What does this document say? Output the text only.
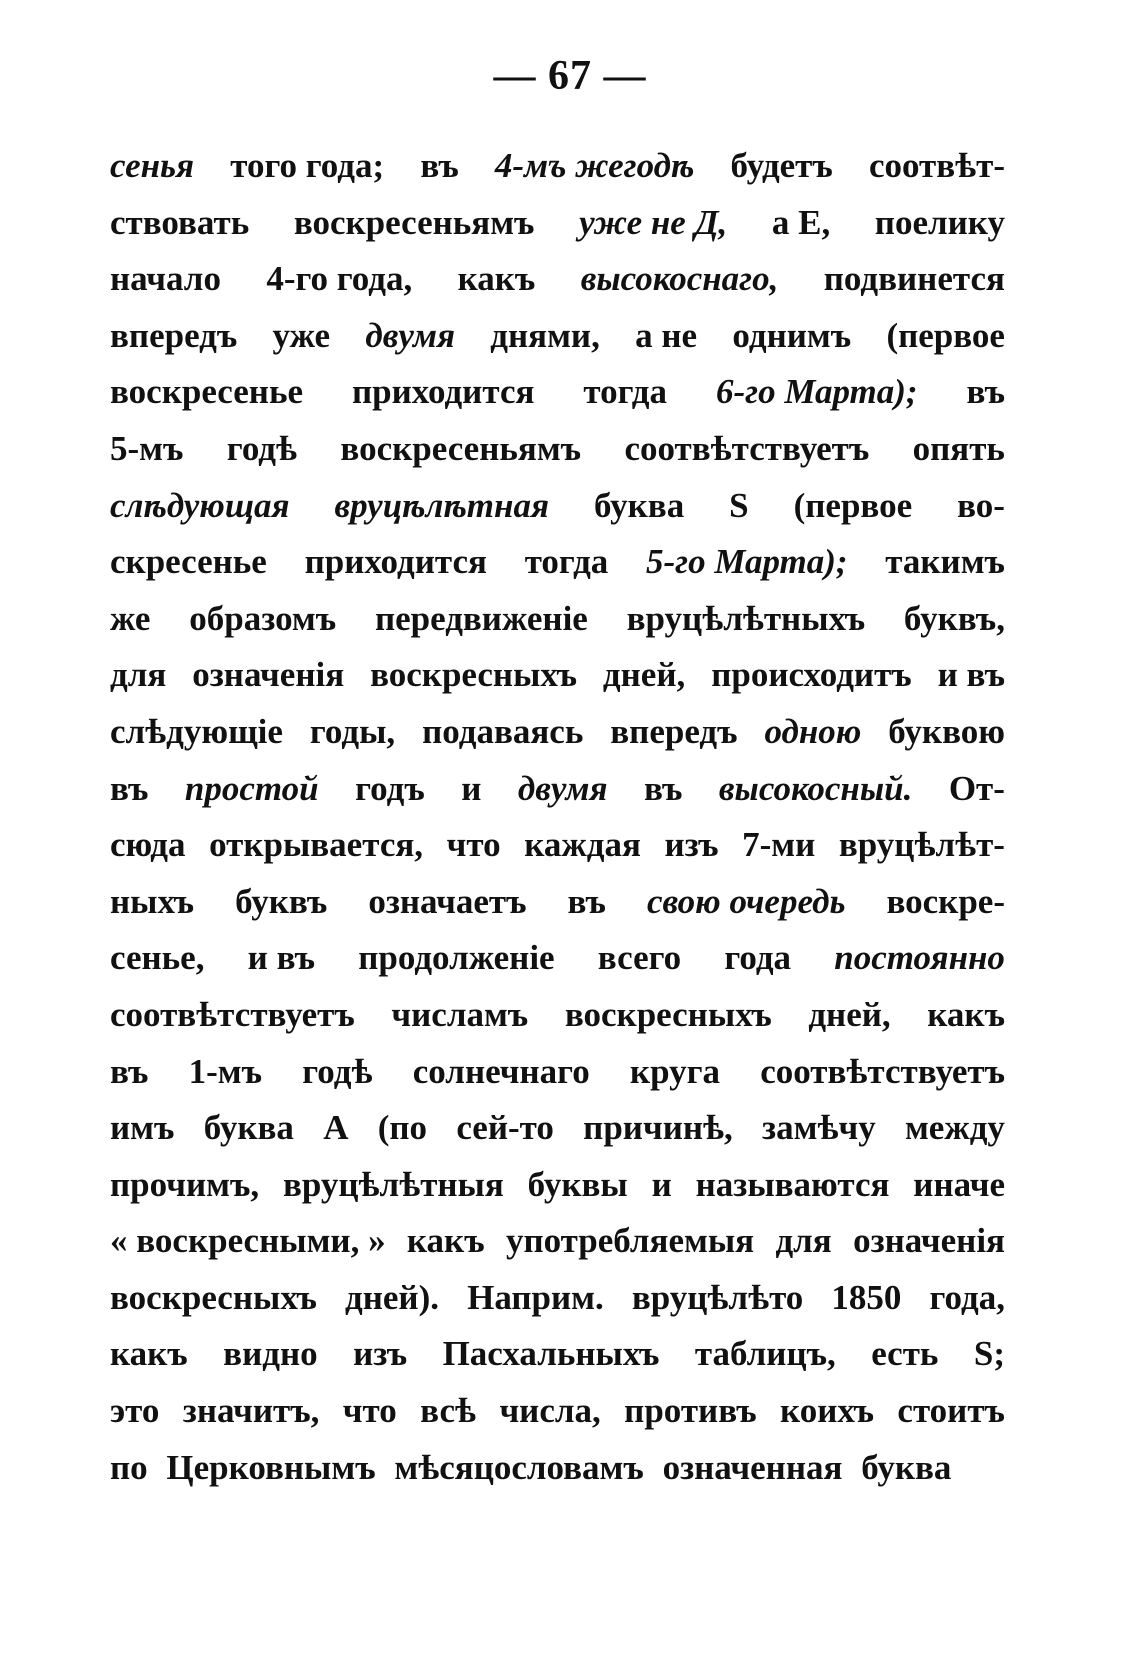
— 67 —
сенья того года; въ 4-мъ жегодѣ будетъ соотвѣт-
ствовать воскресеньямъ уже не Д, а Е, поелику
начало 4-го года, какъ высокоснаго, подвинется
впередъ уже двумя днями, а не однимъ (первое
воскресенье приходится тогда 6-го Марта); въ
5-мъ годѣ воскресеньямъ соотвѣтствуетъ опять
слѣдующая вруцѣлѣтная буква Ѕ (первое во-
скресенье приходится тогда 5-го Марта); такимъ
же образомъ передвиженіе вруцѣлѣтныхъ буквъ,
для означенія воскресныхъ дней, происходитъ и въ
слѣдующіе годы, подаваясь впередъ одною буквою
въ простой годъ и двумя въ высокосный. От-
сюда открывается, что каждая изъ 7-ми вруцѣлѣт-
ныхъ буквъ означаетъ въ свою очередь воскре-
сенье, и въ продолженіе всего года постоянно
соотвѣтствуетъ числамъ воскресныхъ дней, какъ
въ 1-мъ годѣ солнечнаго круга соотвѣтствуетъ
имъ буква А (по сей-то причинѣ, замѣчу между
прочимъ, вруцѣлѣтныя буквы и называются иначе
« воскресными, » какъ употребляемыя для означенія
воскресныхъ дней). Наприм. вруцѣлѣто 1850 года,
какъ видно изъ Пасхальныхъ таблицъ, есть Ѕ;
это значитъ, что всѣ числа, противъ коихъ стоитъ
по
Церковнымъ
мѣсяцословамъ
означенная
буква
